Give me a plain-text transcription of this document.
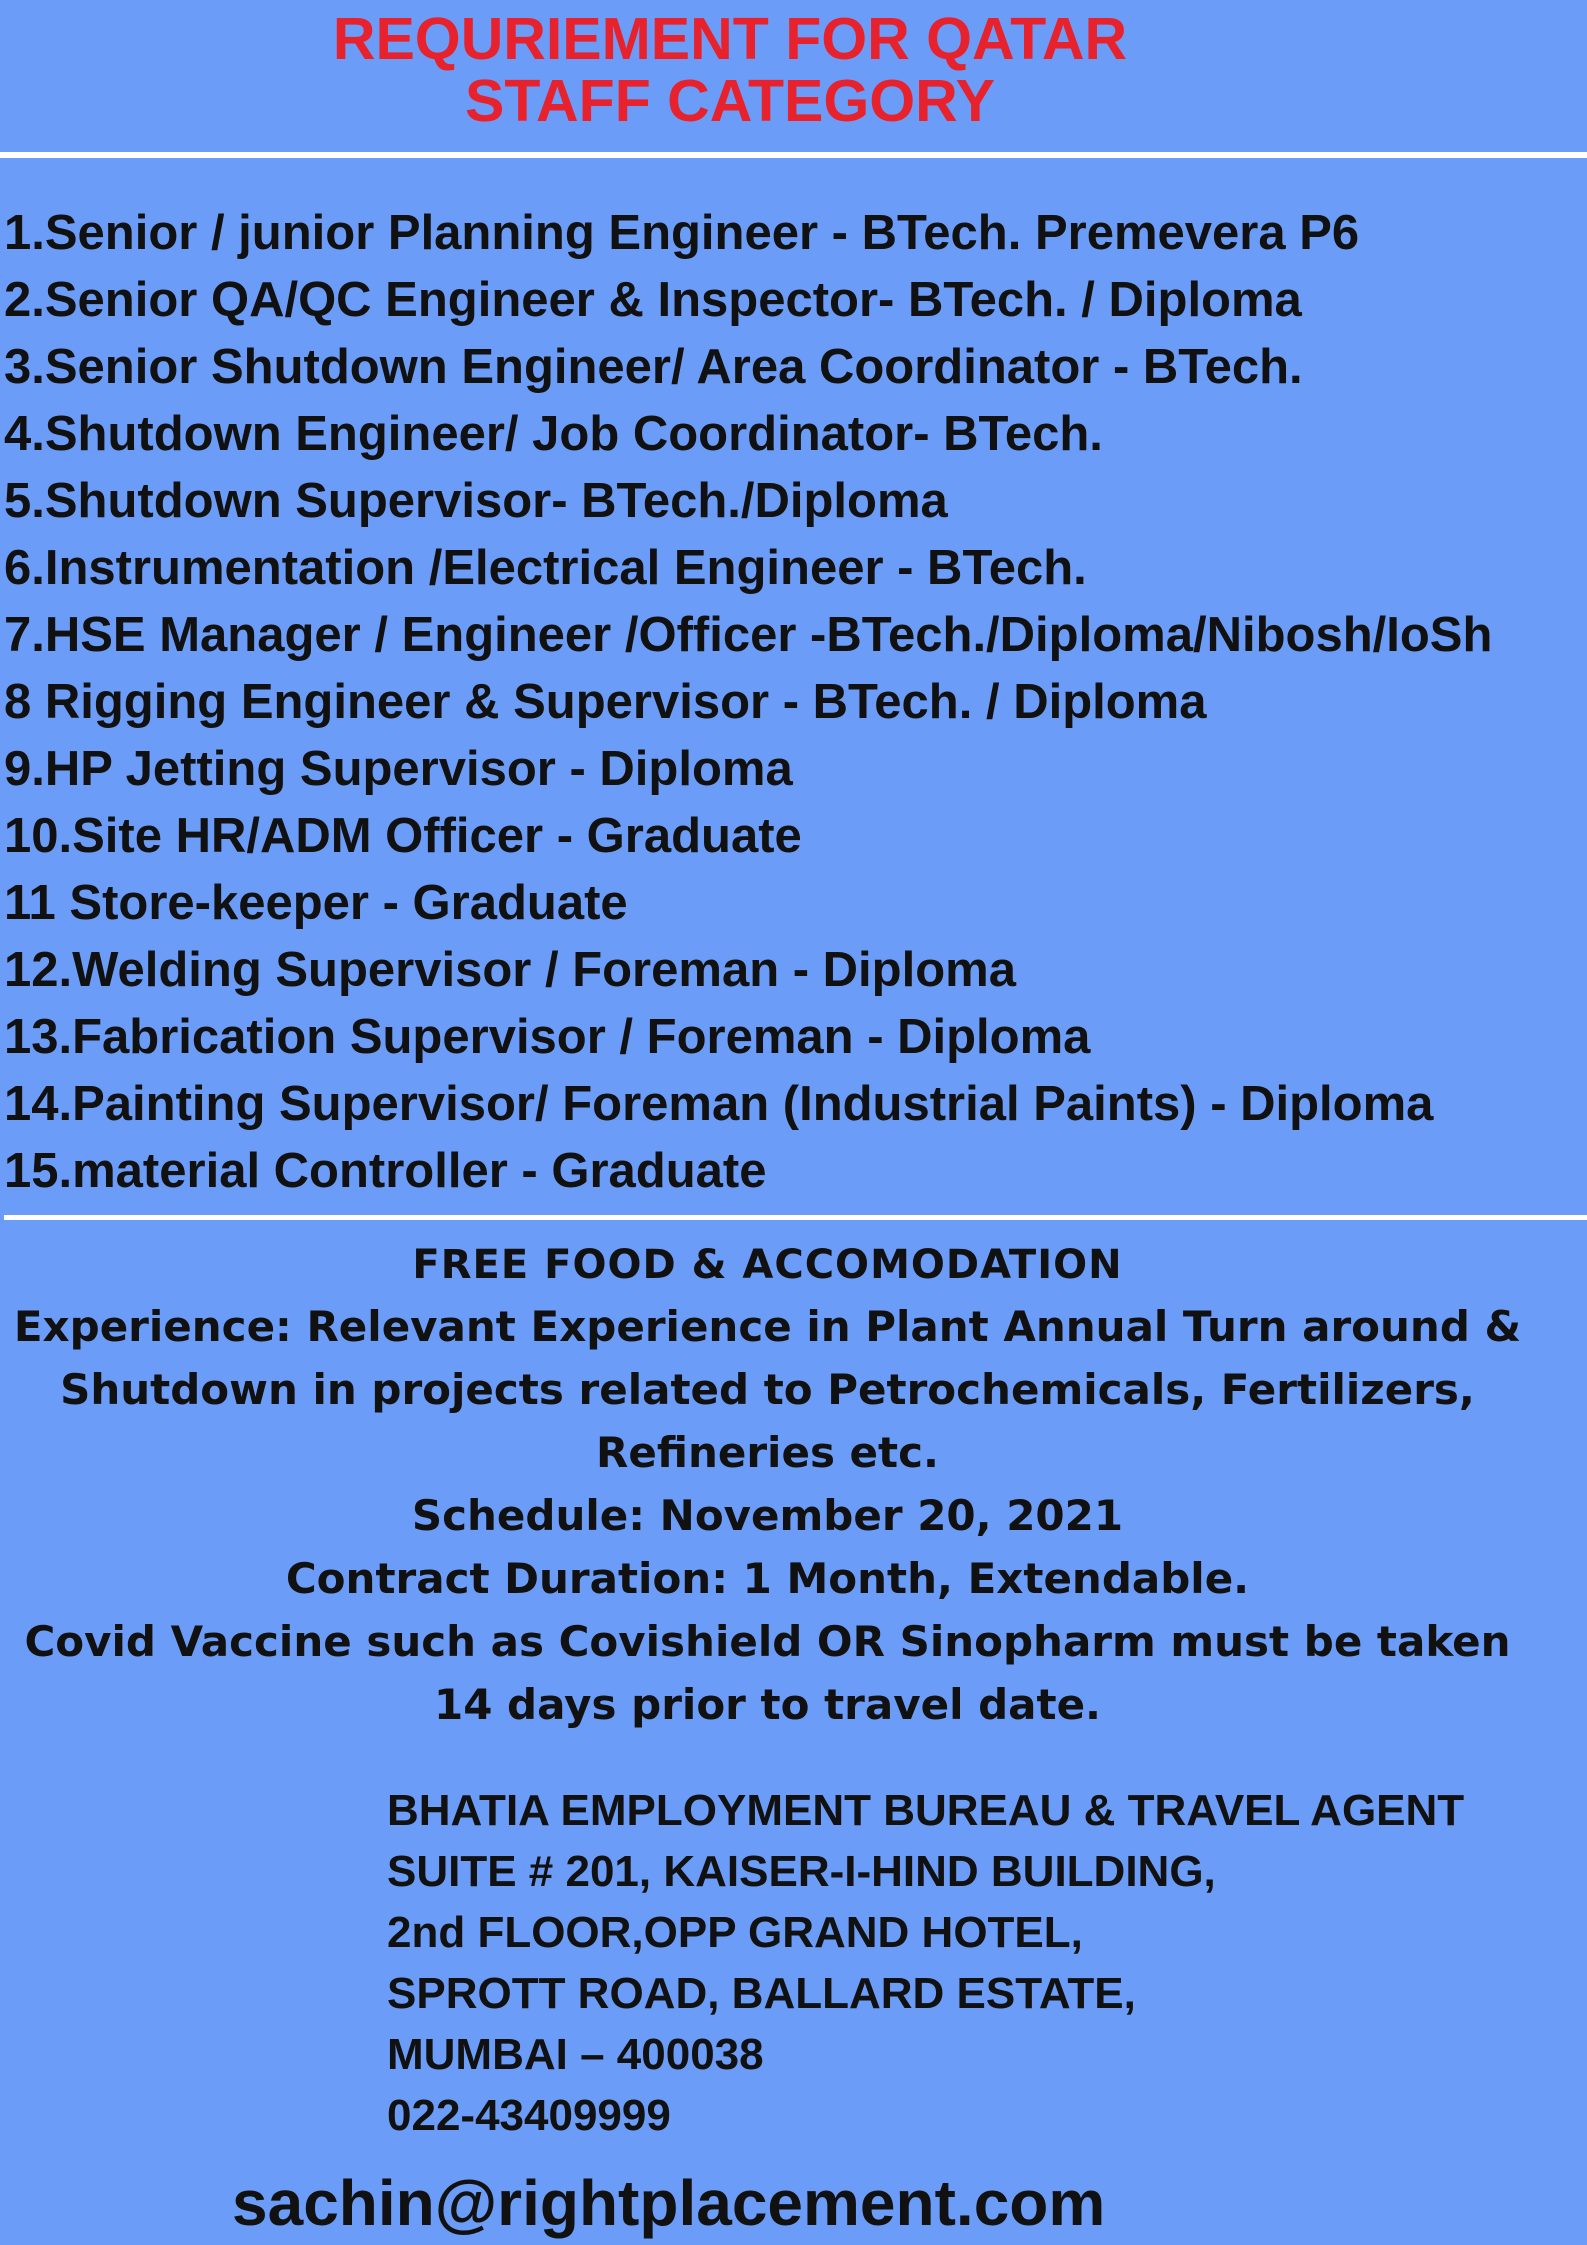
REQURIEMENT FOR QATAR
STAFF CATEGORY
1.Senior / junior Planning Engineer - BTech. Premevera P6
2.Senior QA/QC Engineer & Inspector- BTech. / Diploma
3.Senior Shutdown Engineer/ Area Coordinator - BTech.
4.Shutdown Engineer/ Job Coordinator- BTech.
5.Shutdown Supervisor- BTech./Diploma
6.Instrumentation /Electrical Engineer - BTech.
7.HSE Manager / Engineer /Officer -BTech./Diploma/Nibosh/IoSh
8 Rigging Engineer & Supervisor - BTech. / Diploma
9.HP Jetting Supervisor - Diploma
10.Site HR/ADM Officer - Graduate
11 Store-keeper - Graduate
12.Welding Supervisor / Foreman - Diploma
13.Fabrication Supervisor / Foreman - Diploma
14.Painting Supervisor/ Foreman (Industrial Paints) - Diploma
15.material Controller - Graduate
FREE FOOD & ACCOMODATION

Experience: Relevant Experience in Plant Annual Turn around &

Shutdown in projects related to Petrochemicals, Fertilizers,

Refineries etc.

Schedule: November 20, 2021

Contract Duration: 1 Month, Extendable.

Covid Vaccine such as Covishield OR Sinopharm must be taken

14 days prior to travel date.

BHATIA EMPLOYMENT BUREAU & TRAVEL AGENT
SUITE # 201, KAISER-I-HIND BUILDING,
2nd FLOOR,OPP GRAND HOTEL,
SPROTT ROAD, BALLARD ESTATE,
MUMBAI – 400038
022-43409999
sachin@rightplacement.com
